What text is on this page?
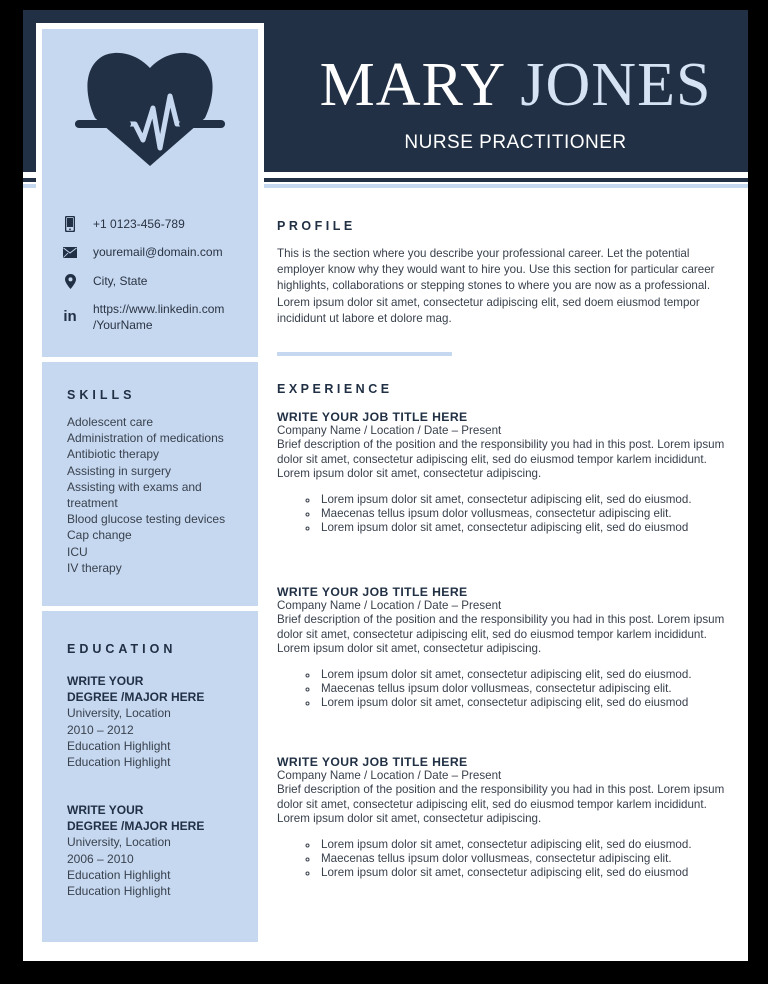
MARY JONES
NURSE PRACTITIONER
+1 0123-456-789
youremail@domain.com
City, State
in https://www.linkedin.com
/YourName
SKILLS
Adolescent care
Administration of medications
Antibiotic therapy
Assisting in surgery
Assisting with exams and treatment
Blood glucose testing devices
Cap change
ICU
IV therapy
EDUCATION
WRITE YOUR
DEGREE /MAJOR HERE
University, Location
2010 – 2012
Education Highlight
Education Highlight
WRITE YOUR
DEGREE /MAJOR HERE
University, Location
2006 – 2010
Education Highlight
Education Highlight
PROFILE
This is the section where you describe your professional career. Let the potential employer know why they would want to hire you. Use this section for particular career highlights, collaborations or stepping stones to where you are now as a professional. Lorem ipsum dolor sit amet, consectetur adipiscing elit, sed doem eiusmod tempor incididunt ut labore et dolore mag.
EXPERIENCE
WRITE YOUR JOB TITLE HERE
Company Name / Location / Date – Present
Brief description of the position and the responsibility you had in this post. Lorem ipsum dolor sit amet, consectetur adipiscing elit, sed do eiusmod tempor karlem incididunt. Lorem ipsum dolor sit amet, consectetur adipiscing.
◦ Lorem ipsum dolor sit amet, consectetur adipiscing elit, sed do eiusmod.
◦ Maecenas tellus ipsum dolor vollusmeas, consectetur adipiscing elit.
◦ Lorem ipsum dolor sit amet, consectetur adipiscing elit, sed do eiusmod
WRITE YOUR JOB TITLE HERE
Company Name / Location / Date – Present
Brief description of the position and the responsibility you had in this post. Lorem ipsum dolor sit amet, consectetur adipiscing elit, sed do eiusmod tempor karlem incididunt. Lorem ipsum dolor sit amet, consectetur adipiscing.
◦ Lorem ipsum dolor sit amet, consectetur adipiscing elit, sed do eiusmod.
◦ Maecenas tellus ipsum dolor vollusmeas, consectetur adipiscing elit.
◦ Lorem ipsum dolor sit amet, consectetur adipiscing elit, sed do eiusmod
WRITE YOUR JOB TITLE HERE
Company Name / Location / Date – Present
Brief description of the position and the responsibility you had in this post. Lorem ipsum dolor sit amet, consectetur adipiscing elit, sed do eiusmod tempor karlem incididunt. Lorem ipsum dolor sit amet, consectetur adipiscing.
◦ Lorem ipsum dolor sit amet, consectetur adipiscing elit, sed do eiusmod.
◦ Maecenas tellus ipsum dolor vollusmeas, consectetur adipiscing elit.
◦ Lorem ipsum dolor sit amet, consectetur adipiscing elit, sed do eiusmod
